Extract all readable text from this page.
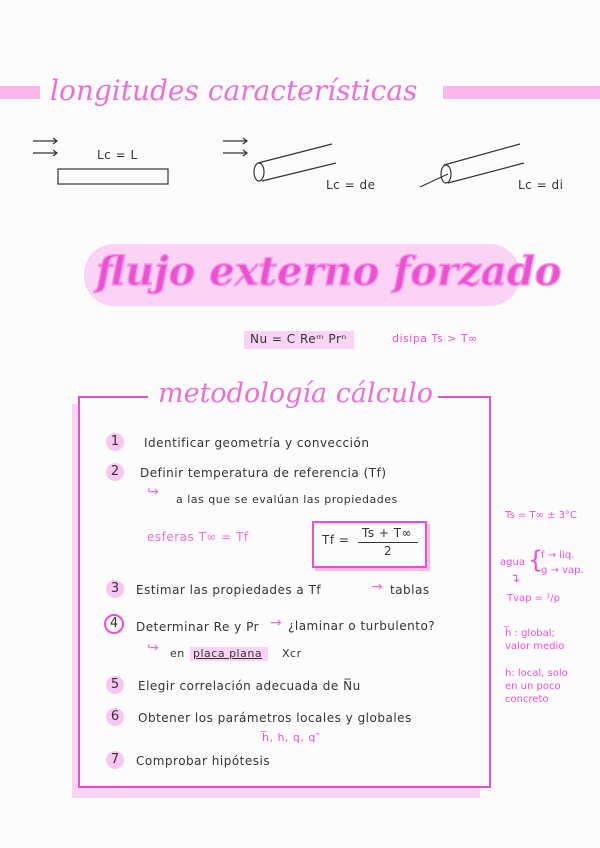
longitudes características
Lc = L
Lc = de	Lc = di
flujo externo forzado
Nu = C Reᵐ Prⁿ	disipa Ts > T∞
metodología cálculo
1	Identificar geometría y convección
2	Definir temperatura de referencia (Tf)
↪ a las que se evalúan las propiedades
esferas T∞ = Tf	Tf = Ts + T∞
2
3	Estimar las propiedades a Tf	→ tablas
4	Determinar Re y Pr → ¿laminar o turbulento?
↪ en placa plana Xcr
5	Elegir correlación adecuada de N̅u
6	Obtener los parámetros locales y globales
h̅, h, q, q″
7	Comprobar hipótesis
Ts = T∞ ± 3°C
agua {
f → liq.
g → vap.
↴
Tvap = ¹/p
h̅ : global;
valor medio
h: local, solo
en un poco
concreto
